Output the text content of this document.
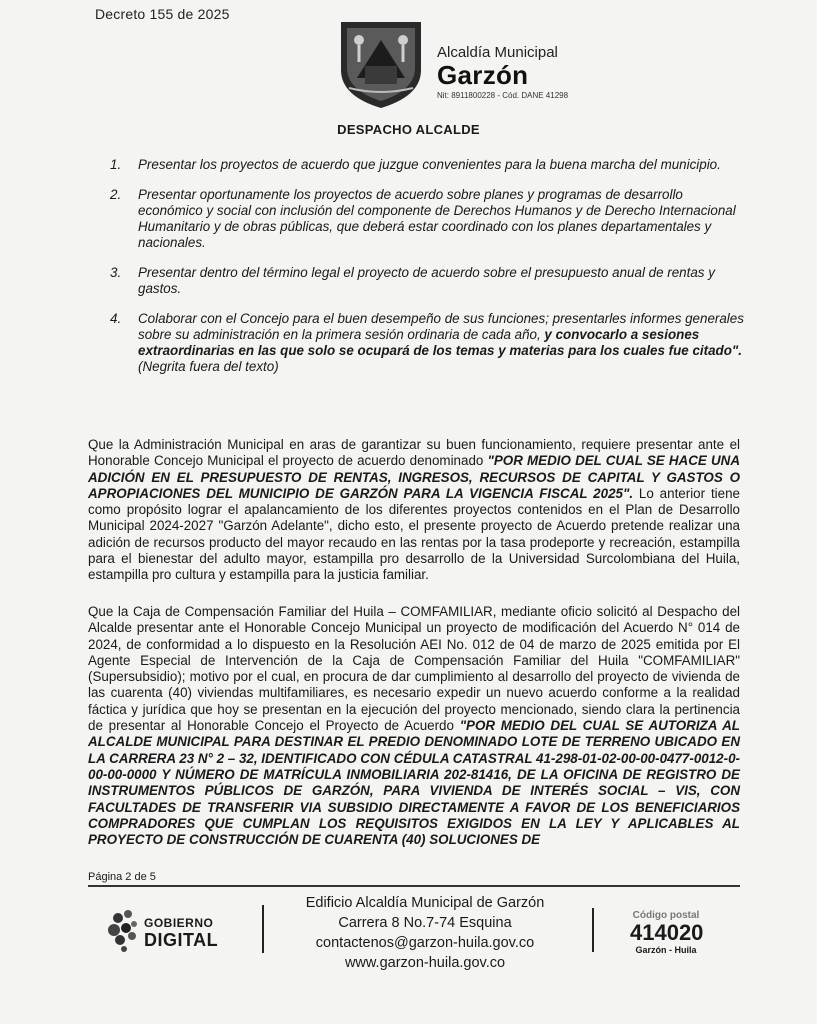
Decreto 155 de 2025
Alcaldía Municipal
Garzón
Nit: 8911800228 - Cód. DANE 41298
DESPACHO ALCALDE
1. Presentar los proyectos de acuerdo que juzgue convenientes para la buena marcha del municipio.
2. Presentar oportunamente los proyectos de acuerdo sobre planes y programas de desarrollo económico y social con inclusión del componente de Derechos Humanos y de Derecho Internacional Humanitario y de obras públicas, que deberá estar coordinado con los planes departamentales y nacionales.
3. Presentar dentro del término legal el proyecto de acuerdo sobre el presupuesto anual de rentas y gastos.
4. Colaborar con el Concejo para el buen desempeño de sus funciones; presentarles informes generales sobre su administración en la primera sesión ordinaria de cada año, y convocarlo a sesiones extraordinarias en las que solo se ocupará de los temas y materias para los cuales fue citado". (Negrita fuera del texto)
Que la Administración Municipal en aras de garantizar su buen funcionamiento, requiere presentar ante el Honorable Concejo Municipal el proyecto de acuerdo denominado "POR MEDIO DEL CUAL SE HACE UNA ADICIÓN EN EL PRESUPUESTO DE RENTAS, INGRESOS, RECURSOS DE CAPITAL Y GASTOS O APROPIACIONES DEL MUNICIPIO DE GARZÓN PARA LA VIGENCIA FISCAL 2025". Lo anterior tiene como propósito lograr el apalancamiento de los diferentes proyectos contenidos en el Plan de Desarrollo Municipal 2024-2027 "Garzón Adelante", dicho esto, el presente proyecto de Acuerdo pretende realizar una adición de recursos producto del mayor recaudo en las rentas por la tasa prodeporte y recreación, estampilla para el bienestar del adulto mayor, estampilla pro desarrollo de la Universidad Surcolombiana del Huila, estampilla pro cultura y estampilla para la justicia familiar.
Que la Caja de Compensación Familiar del Huila – COMFAMILIAR, mediante oficio solicitó al Despacho del Alcalde presentar ante el Honorable Concejo Municipal un proyecto de modificación del Acuerdo N° 014 de 2024, de conformidad a lo dispuesto en la Resolución AEI No. 012 de 04 de marzo de 2025 emitida por El Agente Especial de Intervención de la Caja de Compensación Familiar del Huila "COMFAMILIAR" (Supersubsidio); motivo por el cual, en procura de dar cumplimiento al desarrollo del proyecto de vivienda de las cuarenta (40) viviendas multifamiliares, es necesario expedir un nuevo acuerdo conforme a la realidad fáctica y jurídica que hoy se presentan en la ejecución del proyecto mencionado, siendo clara la pertinencia de presentar al Honorable Concejo el Proyecto de Acuerdo "POR MEDIO DEL CUAL SE AUTORIZA AL ALCALDE MUNICIPAL PARA DESTINAR EL PREDIO DENOMINADO LOTE DE TERRENO UBICADO EN LA CARRERA 23 N° 2 – 32, IDENTIFICADO CON CÉDULA CATASTRAL 41-298-01-02-00-00-0477-0012-0-00-00-0000 Y NÚMERO DE MATRÍCULA INMOBILIARIA 202-81416, DE LA OFICINA DE REGISTRO DE INSTRUMENTOS PÚBLICOS DE GARZÓN, PARA VIVIENDA DE INTERÉS SOCIAL – VIS, CON FACULTADES DE TRANSFERIR VIA SUBSIDIO DIRECTAMENTE A FAVOR DE LOS BENEFICIARIOS COMPRADORES QUE CUMPLAN LOS REQUISITOS EXIGIDOS EN LA LEY Y APLICABLES AL PROYECTO DE CONSTRUCCIÓN DE CUARENTA (40) SOLUCIONES DE
Página 2 de 5
GOBIERNO
DIGITAL
Edificio Alcaldía Municipal de Garzón
Carrera 8 No.7-74 Esquina
contactenos@garzon-huila.gov.co
www.garzon-huila.gov.co
Código postal
414020
Garzón - Huila
